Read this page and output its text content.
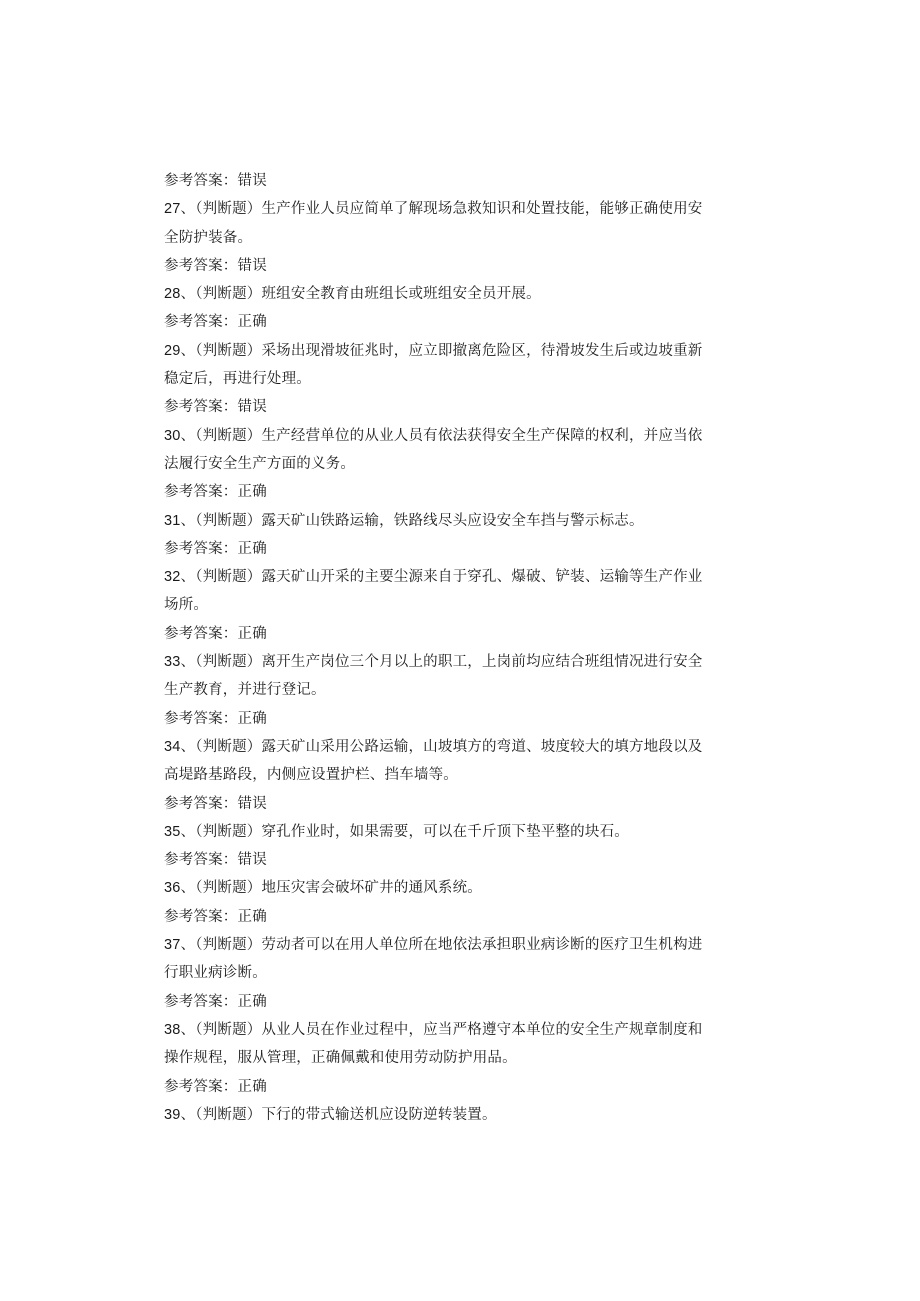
参考答案：错误
27、（判断题）生产作业人员应简单了解现场急救知识和处置技能，能够正确使用安
全防护装备。
参考答案：错误
28、（判断题）班组安全教育由班组长或班组安全员开展。
参考答案：正确
29、（判断题）采场出现滑坡征兆时，应立即撤离危险区，待滑坡发生后或边坡重新
稳定后，再进行处理。
参考答案：错误
30、（判断题）生产经营单位的从业人员有依法获得安全生产保障的权利，并应当依
法履行安全生产方面的义务。
参考答案：正确
31、（判断题）露天矿山铁路运输，铁路线尽头应设安全车挡与警示标志。
参考答案：正确
32、（判断题）露天矿山开采的主要尘源来自于穿孔、爆破、铲装、运输等生产作业
场所。
参考答案：正确
33、（判断题）离开生产岗位三个月以上的职工，上岗前均应结合班组情况进行安全
生产教育，并进行登记。
参考答案：正确
34、（判断题）露天矿山采用公路运输，山坡填方的弯道、坡度较大的填方地段以及
高堤路基路段，内侧应设置护栏、挡车墙等。
参考答案：错误
35、（判断题）穿孔作业时，如果需要，可以在千斤顶下垫平整的块石。
参考答案：错误
36、（判断题）地压灾害会破坏矿井的通风系统。
参考答案：正确
37、（判断题）劳动者可以在用人单位所在地依法承担职业病诊断的医疗卫生机构进
行职业病诊断。
参考答案：正确
38、（判断题）从业人员在作业过程中，应当严格遵守本单位的安全生产规章制度和
操作规程，服从管理，正确佩戴和使用劳动防护用品。
参考答案：正确
39、（判断题）下行的带式输送机应设防逆转装置。
